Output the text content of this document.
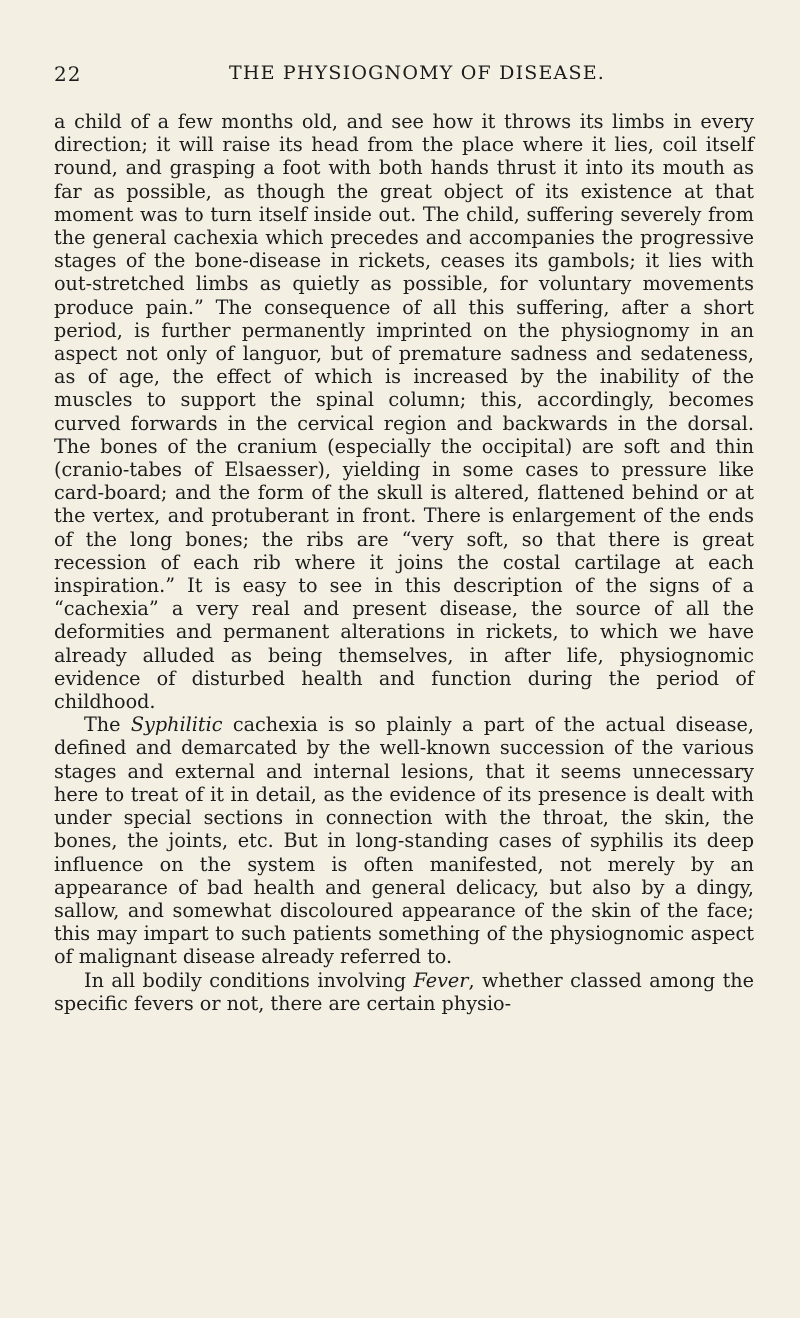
22	THE PHYSIOGNOMY OF DISEASE.

a child of a few months old, and see how it throws its limbs in every direction; it will raise its head from the place where it lies, coil itself round, and grasping a foot with both hands thrust it into its mouth as far as possible, as though the great object of its existence at that moment was to turn itself inside out. The child, suffering severely from the general cachexia which precedes and accompanies the progressive stages of the bone-disease in rickets, ceases its gambols; it lies with out-stretched limbs as quietly as possible, for voluntary movements produce pain.” The consequence of all this suffering, after a short period, is further permanently imprinted on the physiognomy in an aspect not only of languor, but of premature sadness and sedateness, as of age, the effect of which is increased by the inability of the muscles to support the spinal column; this, accordingly, becomes curved forwards in the cervical region and backwards in the dorsal. The bones of the cranium (especially the occipital) are soft and thin (cranio-tabes of Elsaesser), yielding in some cases to pressure like card-board; and the form of the skull is altered, flattened behind or at the vertex, and protuberant in front. There is enlargement of the ends of the long bones; the ribs are “very soft, so that there is great recession of each rib where it joins the costal cartilage at each inspiration.” It is easy to see in this description of the signs of a “cachexia” a very real and present disease, the source of all the deformities and permanent alterations in rickets, to which we have already alluded as being themselves, in after life, physiognomic evidence of disturbed health and function during the period of childhood.

The Syphilitic cachexia is so plainly a part of the actual disease, defined and demarcated by the well-known succession of the various stages and external and internal lesions, that it seems unnecessary here to treat of it in detail, as the evidence of its presence is dealt with under special sections in connection with the throat, the skin, the bones, the joints, etc. But in long-standing cases of syphilis its deep influence on the system is often manifested, not merely by an appearance of bad health and general delicacy, but also by a dingy, sallow, and somewhat discoloured appearance of the skin of the face; this may impart to such patients something of the physiognomic aspect of malignant disease already referred to.

In all bodily conditions involving Fever, whether classed among the specific fevers or not, there are certain physio-
